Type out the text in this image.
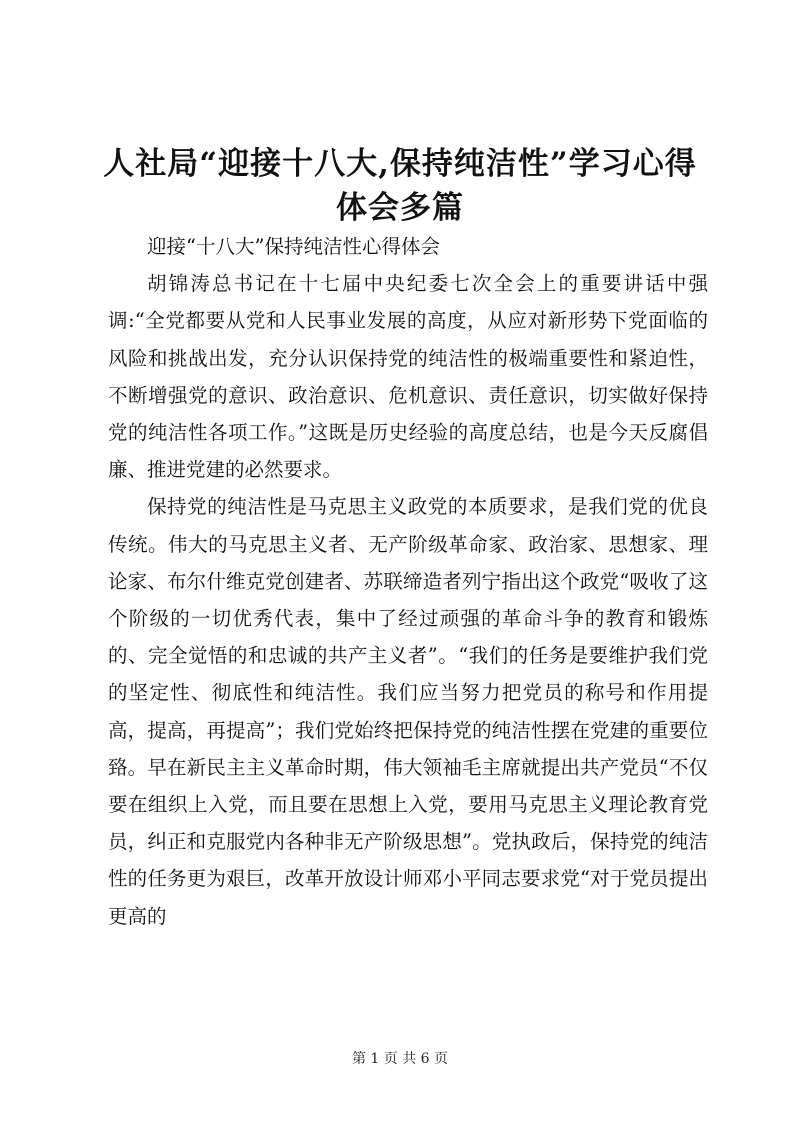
人社局“迎接十八大,保持纯洁性”学习心得体会多篇

迎接“十八大”保持纯洁性心得体会

胡锦涛总书记在十七届中央纪委七次全会上的重要讲话中强调:“全党都要从党和人民事业发展的高度，从应对新形势下党面临的风险和挑战出发，充分认识保持党的纯洁性的极端重要性和紧迫性，不断增强党的意识、政治意识、危机意识、责任意识，切实做好保持党的纯洁性各项工作。”这既是历史经验的高度总结，也是今天反腐倡廉、推进党建的必然要求。

保持党的纯洁性是马克思主义政党的本质要求，是我们党的优良传统。伟大的马克思主义者、无产阶级革命家、政治家、思想家、理论家、布尔什维克党创建者、苏联缔造者列宁指出这个政党“吸收了这个阶级的一切优秀代表，集中了经过顽强的革命斗争的教育和锻炼的、完全觉悟的和忠诚的共产主义者”。“我们的任务是要维护我们党的坚定性、彻底性和纯洁性。我们应当努力把党员的称号和作用提高，提高，再提高”；我们党始终把保持党的纯洁性摆在党建的重要位臵。早在新民主主义革命时期，伟大领袖毛主席就提出共产党员“不仅要在组织上入党，而且要在思想上入党，要用马克思主义理论教育党员，纠正和克服党内各种非无产阶级思想”。党执政后，保持党的纯洁性的任务更为艰巨，改革开放设计师邓小平同志要求党“对于党员提出更高的

第 1 页 共 6 页
